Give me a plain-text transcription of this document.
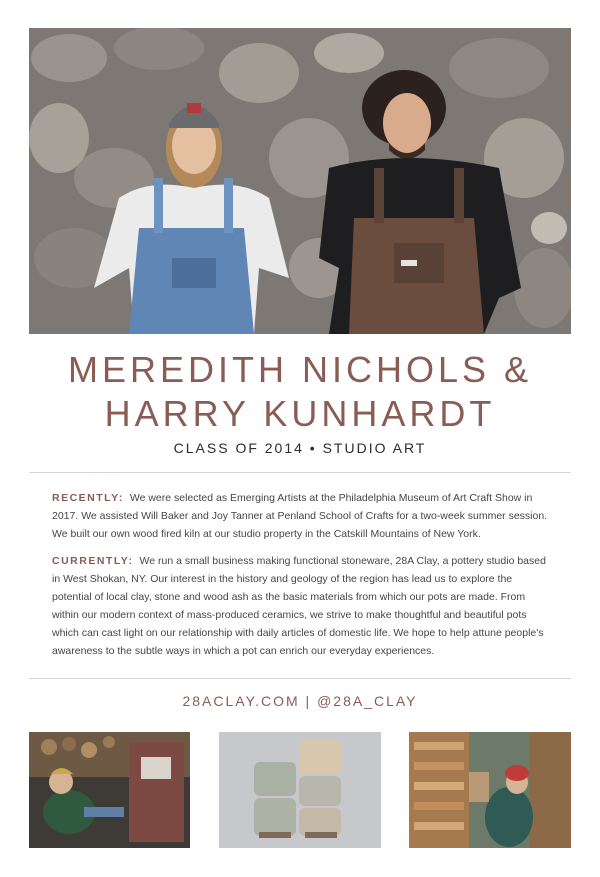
MEREDITH NICHOLS &
HARRY KUNHARDT
CLASS OF 2014 • STUDIO ART

RECENTLY: We were selected as Emerging Artists at the Philadelphia Museum of Art Craft Show in 2017. We assisted Will Baker and Joy Tanner at Penland School of Crafts for a two-week summer session. We built our own wood fired kiln at our studio property in the Catskill Mountains of New York.

CURRENTLY: We run a small business making functional stoneware, 28A Clay, a pottery studio based in West Shokan, NY. Our interest in the history and geology of the region has lead us to explore the potential of local clay, stone and wood ash as the basic materials from which our pots are made. From within our modern context of mass-produced ceramics, we strive to make thoughtful and beautiful pots which can cast light on our relationship with daily articles of domestic life. We hope to help attune people's awareness to the subtle ways in which a pot can enrich our everyday experiences.

28ACLAY.COM | @28A_CLAY
